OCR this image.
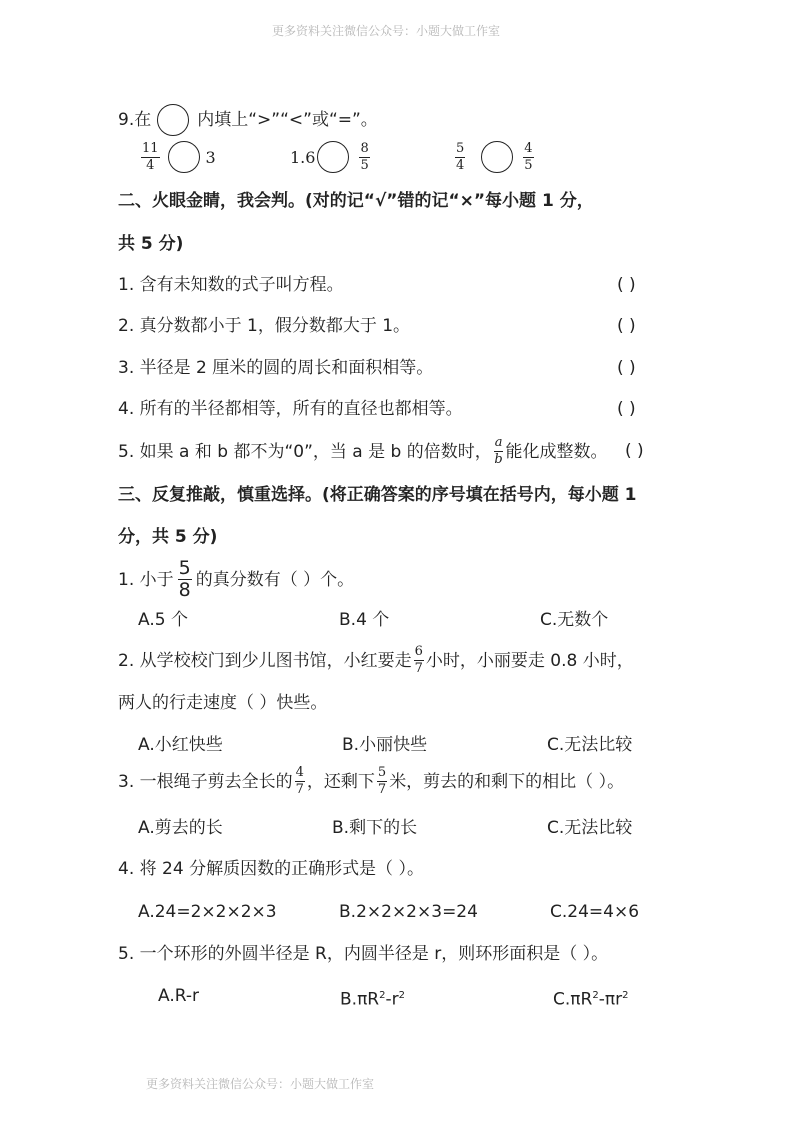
更多资料关注微信公众号：小题大做工作室
9.在	内填上“>”“<”或“=”。
$\frac{11}{4}$	3	1.6	$\frac{8}{5}$	$\frac{5}{4}$	$\frac{4}{5}$
二、火眼金睛，我会判。(对的记“√”错的记“×”每小题 1 分，
共 5 分)
1. 含有未知数的式子叫方程。	( )
2. 真分数都小于 1，假分数都大于 1。	( )
3. 半径是 2 厘米的圆的周长和面积相等。	( )
4. 所有的半径都相等，所有的直径也都相等。	( )
5. 如果 a 和 b 都不为“0”，当 a 是 b 的倍数时， $\frac{a}{b}$ 能化成整数。 ( )
三、反复推敲，慎重选择。(将正确答案的序号填在括号内，每小题 1
分，共 5 分)
1. 小于 $\frac{5}{8}$ 的真分数有（ ）个。
A.5 个	B.4 个	C.无数个
2. 从学校校门到少儿图书馆，小红要走 $\frac{6}{7}$ 小时，小丽要走 0.8 小时，
两人的行走速度（ ）快些。
A.小红快些	B.小丽快些	C.无法比较
3. 一根绳子剪去全长的 $\frac{4}{7}$ ，还剩下 $\frac{5}{7}$ 米，剪去的和剩下的相比（ ）。
A.剪去的长	B.剩下的长	C.无法比较
4. 将 24 分解质因数的正确形式是（ ）。
A.24=2×2×2×3	B.2×2×2×3=24	C.24=4×6
5. 一个环形的外圆半径是 R，内圆半径是 r，则环形面积是（ ）。
A.R-r	$B.\pi R^2-r^2$	$C.\pi R^2-\pi r^2$
更多资料关注微信公众号：小题大做工作室
